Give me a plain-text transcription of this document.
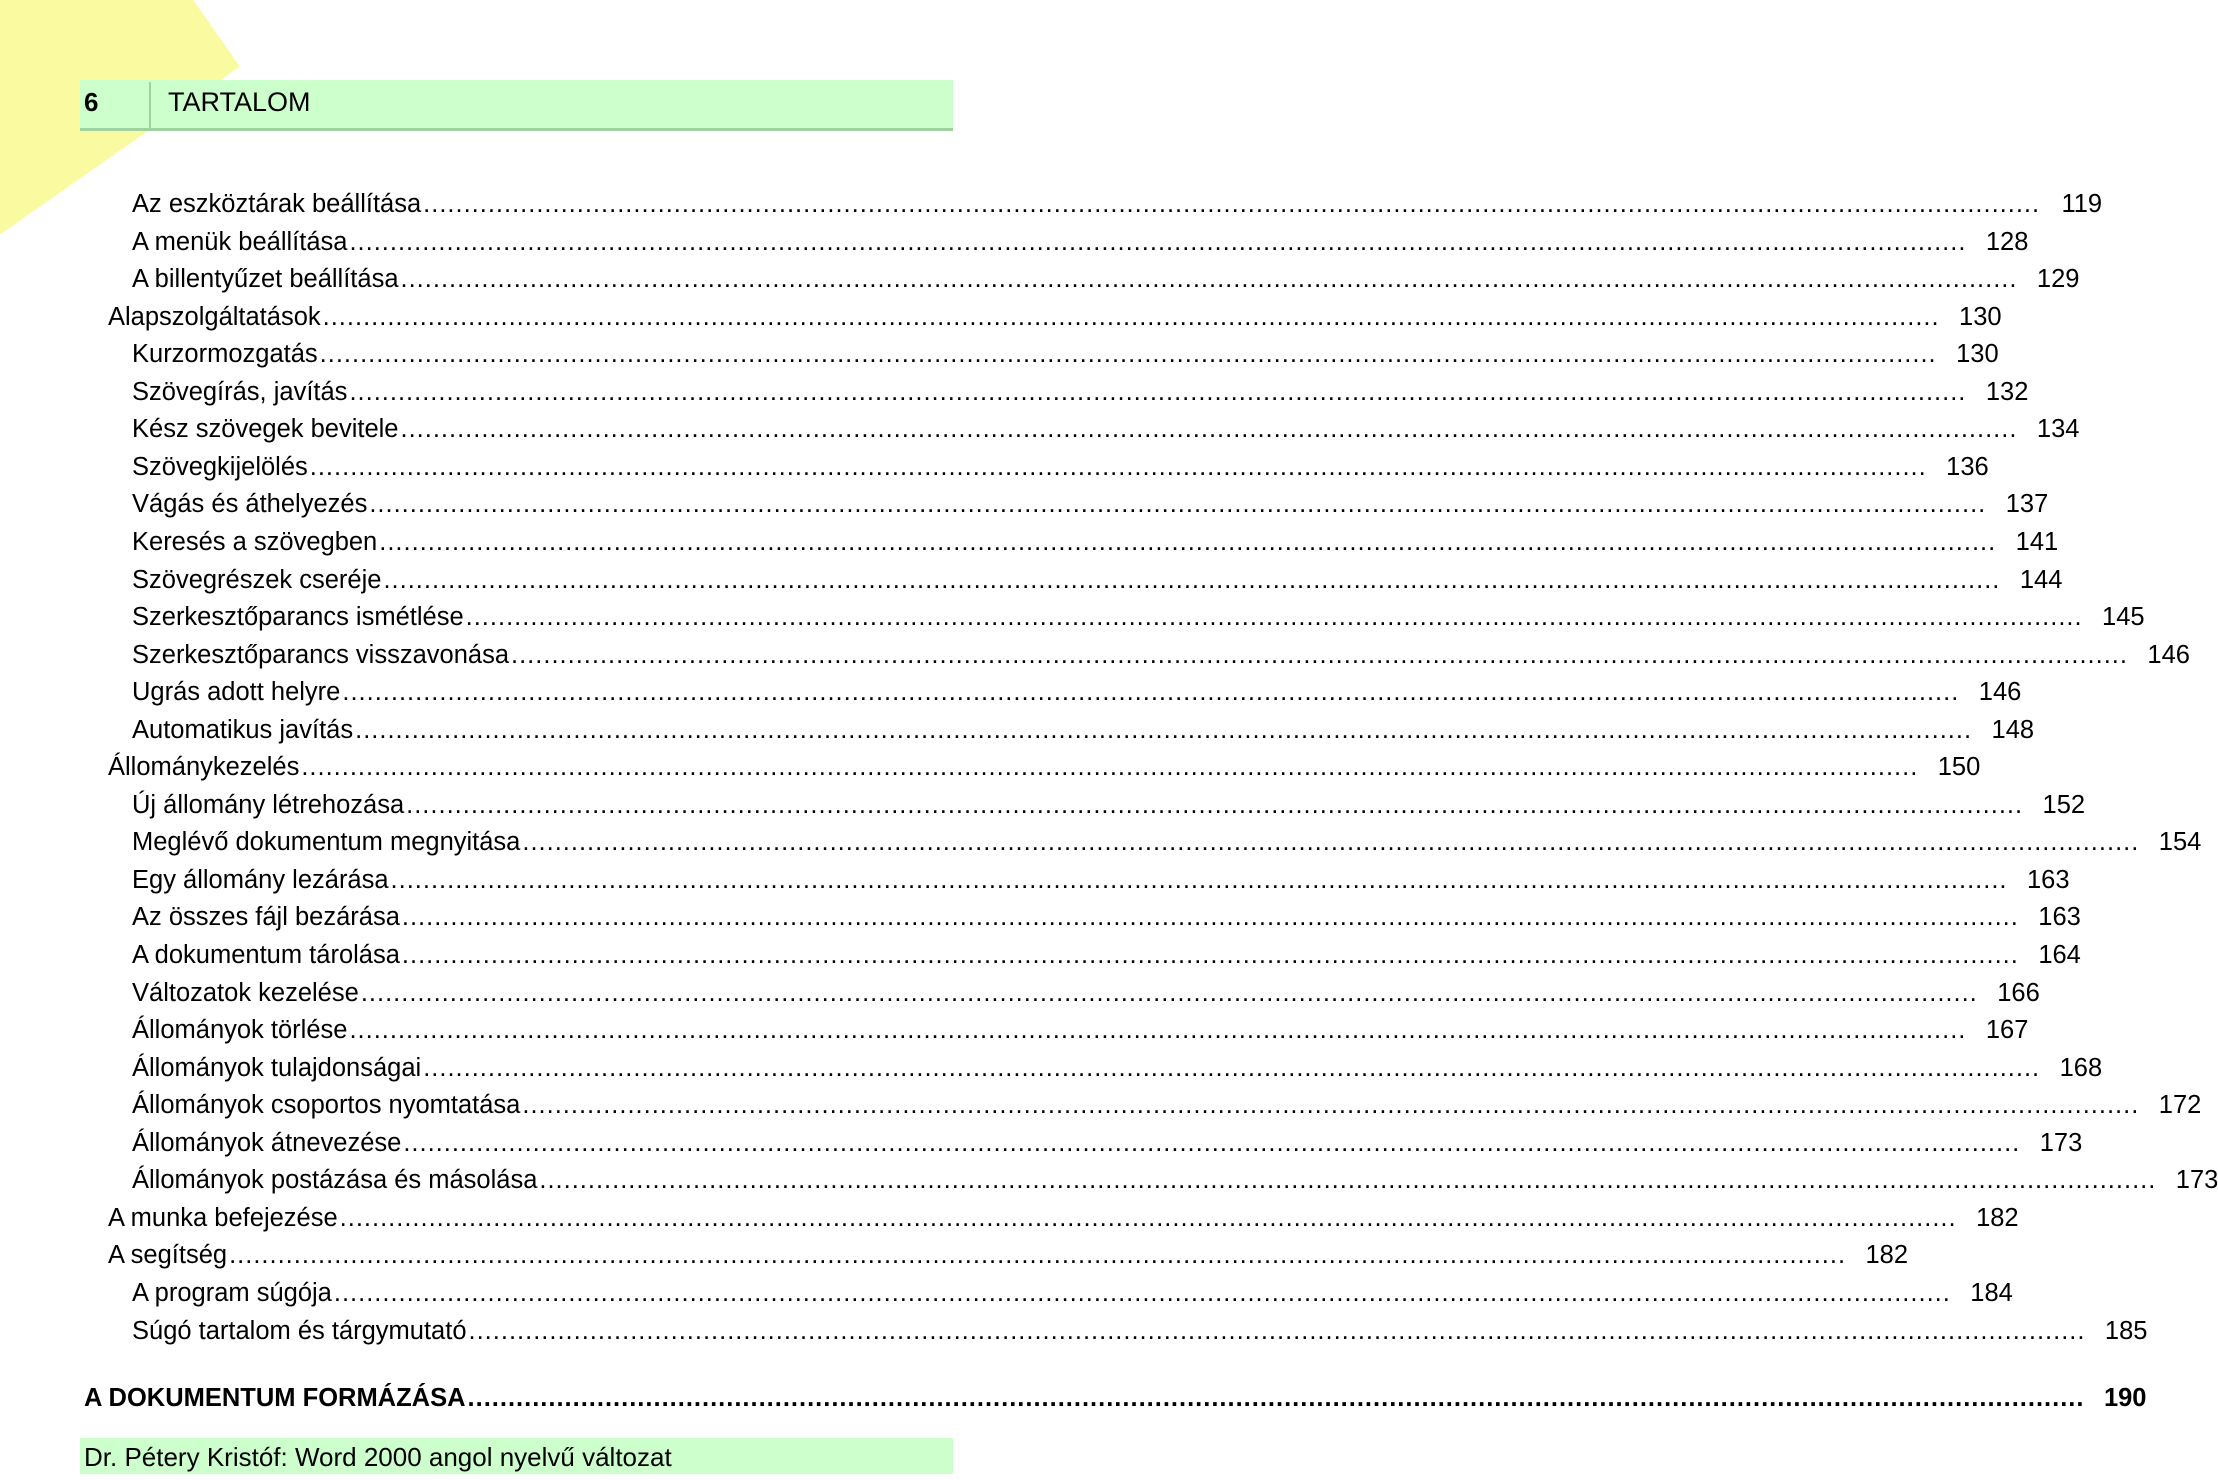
6	TARTALOM
Az eszköztárak beállítása ........................................................................................................................................................................................................ 119
A menük beállítása ........................................................................................................................................................................................................ 128
A billentyűzet beállítása ........................................................................................................................................................................................................ 129
Alapszolgáltatások ........................................................................................................................................................................................................ 130
Kurzormozgatás ........................................................................................................................................................................................................ 130
Szövegírás, javítás ........................................................................................................................................................................................................ 132
Kész szövegek bevitele ........................................................................................................................................................................................................ 134
Szövegkijelölés ........................................................................................................................................................................................................ 136
Vágás és áthelyezés ........................................................................................................................................................................................................ 137
Keresés a szövegben ........................................................................................................................................................................................................ 141
Szövegrészek cseréje ........................................................................................................................................................................................................ 144
Szerkesztőparancs ismétlése ........................................................................................................................................................................................................ 145
Szerkesztőparancs visszavonása ........................................................................................................................................................................................................ 146
Ugrás adott helyre ........................................................................................................................................................................................................ 146
Automatikus javítás ........................................................................................................................................................................................................ 148
Állománykezelés ........................................................................................................................................................................................................ 150
Új állomány létrehozása ........................................................................................................................................................................................................ 152
Meglévő dokumentum megnyitása ........................................................................................................................................................................................................ 154
Egy állomány lezárása ........................................................................................................................................................................................................ 163
Az összes fájl bezárása ........................................................................................................................................................................................................ 163
A dokumentum tárolása ........................................................................................................................................................................................................ 164
Változatok kezelése ........................................................................................................................................................................................................ 166
Állományok törlése ........................................................................................................................................................................................................ 167
Állományok tulajdonságai ........................................................................................................................................................................................................ 168
Állományok csoportos nyomtatása ........................................................................................................................................................................................................ 172
Állományok átnevezése ........................................................................................................................................................................................................ 173
Állományok postázása és másolása ........................................................................................................................................................................................................ 173
A munka befejezése ........................................................................................................................................................................................................ 182
A segítség ........................................................................................................................................................................................................ 182
A program súgója ........................................................................................................................................................................................................ 184
Súgó tartalom és tárgymutató ........................................................................................................................................................................................................ 185
A DOKUMENTUM FORMÁZÁSA ........................................................................................................................................................................................................ 190
Dr. Pétery Kristóf: Word 2000 angol nyelvű változat
